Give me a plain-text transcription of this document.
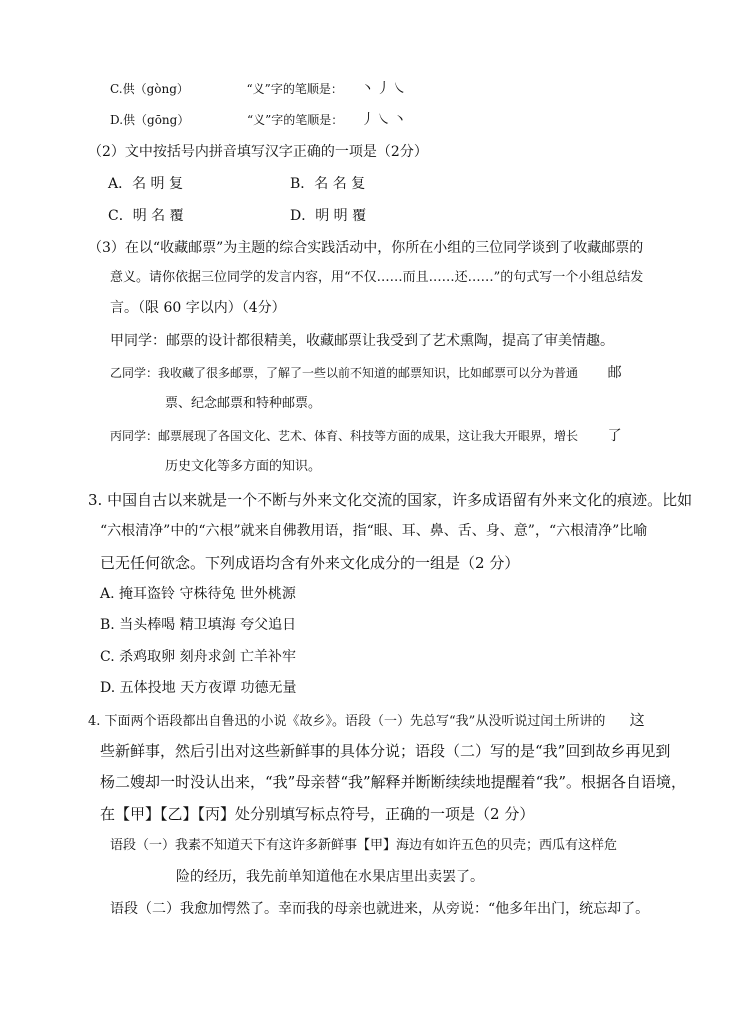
C.供（gòng）	“义”字的笔顺是： 丶丿㇏
D.供（gōng）	“义”字的笔顺是： 丿㇏丶
（2）文中按括号内拼音填写汉字正确的一项是（2分）
A．名 明 复	B．名 名 复
C．明 名 覆	D．明 明 覆
（3）在以“收藏邮票”为主题的综合实践活动中，你所在小组的三位同学谈到了收藏邮票的
意义。请你依据三位同学的发言内容，用“不仅……而且……还……”的句式写一个小组总结发
言。（限 60 字以内）（4分）
甲同学：邮票的设计都很精美，收藏邮票让我受到了艺术熏陶，提高了审美情趣。
乙同学：我收藏了很多邮票，了解了一些以前不知道的邮票知识，比如邮票可以分为普通 邮
票、纪念邮票和特种邮票。
丙同学：邮票展现了各国文化、艺术、体育、科技等方面的成果，这让我大开眼界，增长 了
历史文化等多方面的知识。
3. 中国自古以来就是一个不断与外来文化交流的国家，许多成语留有外来文化的痕迹。比如
“六根清净”中的“六根”就来自佛教用语，指“眼、耳、鼻、舌、身、意”，“六根清净”比喻
已无任何欲念。下列成语均含有外来文化成分的一组是（2 分）
A. 掩耳盗铃 守株待兔 世外桃源
B. 当头棒喝 精卫填海 夸父追日
C. 杀鸡取卵 刻舟求剑 亡羊补牢
D. 五体投地 天方夜谭 功德无量
4. 下面两个语段都出自鲁迅的小说《故乡》。语段（一）先总写“我”从没听说过闰土所讲的 这
些新鲜事，然后引出对这些新鲜事的具体分说；语段（二）写的是“我”回到故乡再见到
杨二嫂却一时没认出来，“我”母亲替“我”解释并断断续续地提醒着“我”。根据各自语境，
在【甲】【乙】【丙】处分别填写标点符号，正确的一项是（2 分）
语段（一）我素不知道天下有这许多新鲜事【甲】海边有如许五色的贝壳；西瓜有这样危
险的经历，我先前单知道他在水果店里出卖罢了。
语段（二）我愈加愕然了。幸而我的母亲也就进来，从旁说：“他多年出门，统忘却了。
